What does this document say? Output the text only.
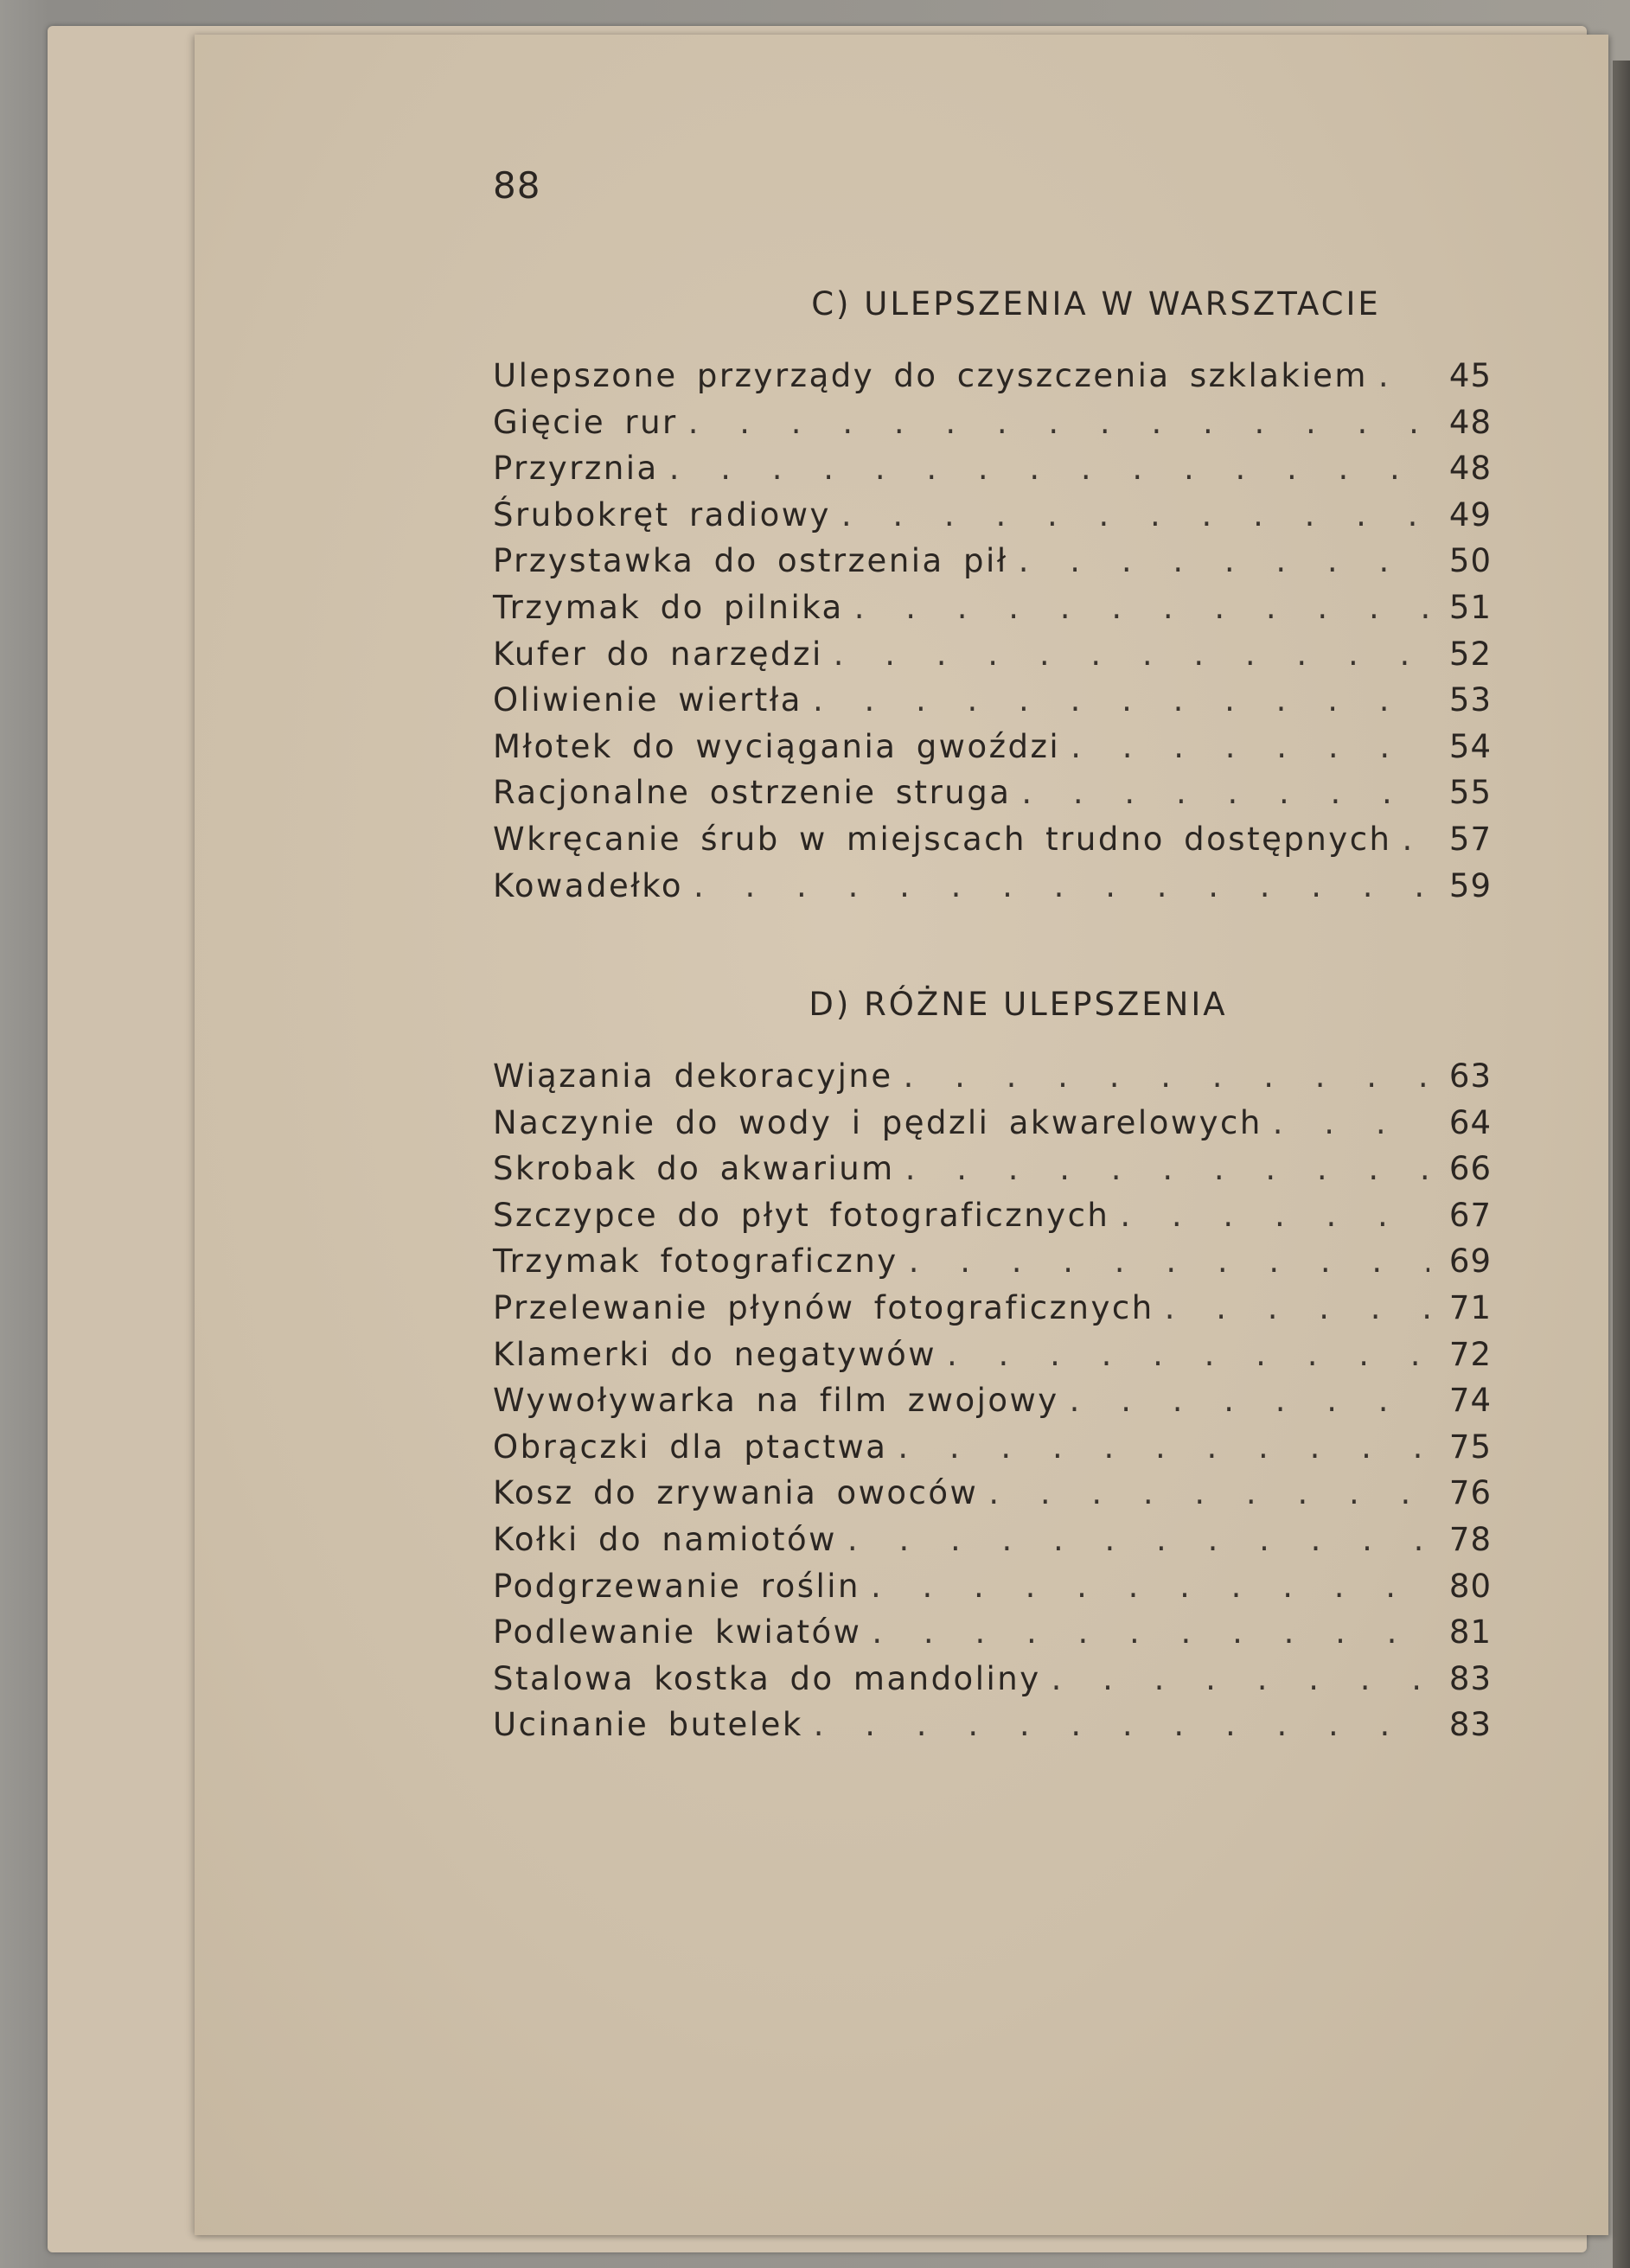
88
C) ULEPSZENIA W WARSZTACIE
Ulepszone przyrządy do czyszczenia szklakiem . . .	45
Gięcie rur . . .	48
Przyrznia . . .	48
Śrubokręt radiowy . . .	49
Przystawka do ostrzenia pił . . .	50
Trzymak do pilnika . . .	51
Kufer do narzędzi . . .	52
Oliwienie wiertła . . .	53
Młotek do wyciągania gwoździ . . .	54
Racjonalne ostrzenie struga . . .	55
Wkręcanie śrub w miejscach trudno dostępnych . . . 57
Kowadełko . . .	59
D) RÓŻNE ULEPSZENIA
Wiązania dekoracyjne . . .	63
Naczynie do wody i pędzli akwarelowych . . .	64
Skrobak do akwarium . . .	66
Szczypce do płyt fotograficznych . . .	67
Trzymak fotograficzny . . .	69
Przelewanie płynów fotograficznych . . .	71
Klamerki do negatywów . . .	72
Wywoływarka na film zwojowy . . .	74
Obrączki dla ptactwa . . .	75
Kosz do zrywania owoców . . .	76
Kołki do namiotów . . .	78
Podgrzewanie roślin . . .	80
Podlewanie kwiatów . . .	81
Stalowa kostka do mandoliny . . .	83
Ucinanie butelek . . .	83
